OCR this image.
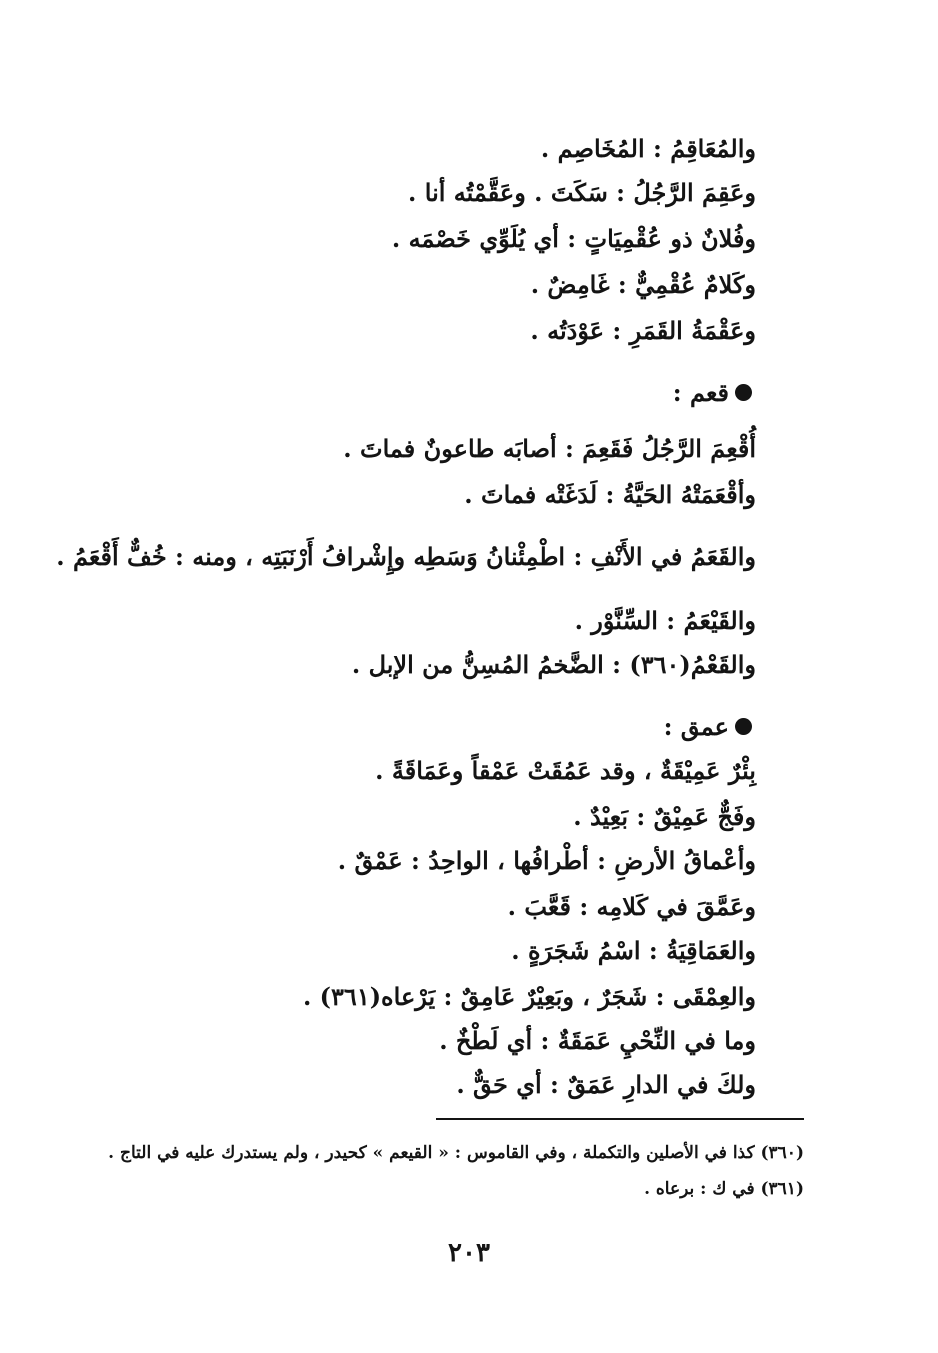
والمُعَاقِمُ : المُخَاصِم .
وعَقِمَ الرَّجُلُ : سَكَتَ . وعَقَّمْتُه أنا .
وفُلانٌ ذو عُقْمِيَاتٍ : أي يُلَوِّي خَصْمَه .
وكَلامٌ عُقْمِيٌّ : غَامِضٌ .
وعَقْمَةُ القَمَرِ : عَوْدَتُه .
قعم :
أُقْعِمَ الرَّجُلُ فَقَعِمَ : أصابَه طاعونٌ فماتَ .
وأقْعَمَتْهُ الحَيَّةُ : لَدَغَتْه فماتَ .
والقَعَمُ في الأَنْفِ : اطْمِئْنانُ وَسَطِه وإِشْرافُ أَرْنَبَتِه ، ومنه : خُفٌّ أَقْعَمُ .
والقَيْعَمُ : السِّنَّوْر .
والقَعْمُ(٣٦٠) : الضَّخمُ المُسِنُّ من الإبل .
عمق :
بِئْرٌ عَمِيْقَةٌ ، وقد عَمُقَتْ عَمْقاً وعَمَاقَةً .
وفَجٌّ عَمِيْقٌ : بَعِيْدٌ .
وأعْماقُ الأرضِ : أطْرافُها ، الواحِدُ : عَمْقٌ .
وعَمَّقَ في كَلامِه : قَعَّبَ .
والعَمَاقِيَةُ : اسْمُ شَجَرَةٍ .
والعِمْقَى : شَجَرٌ ، وبَعِيْرٌ عَامِقٌ : يَرْعاه(٣٦١) .
وما في النِّحْيِ عَمَقَةٌ : أي لَطْخٌ .
ولكَ في الدارِ عَمَقٌ : أي حَقٌّ .
(٣٦٠) كذا في الأصلين والتكملة ، وفي القاموس : « القيعم » كحيدر ، ولم يستدرك عليه في التاج .
(٣٦١) في ك : برعاه .
٢٠٣
